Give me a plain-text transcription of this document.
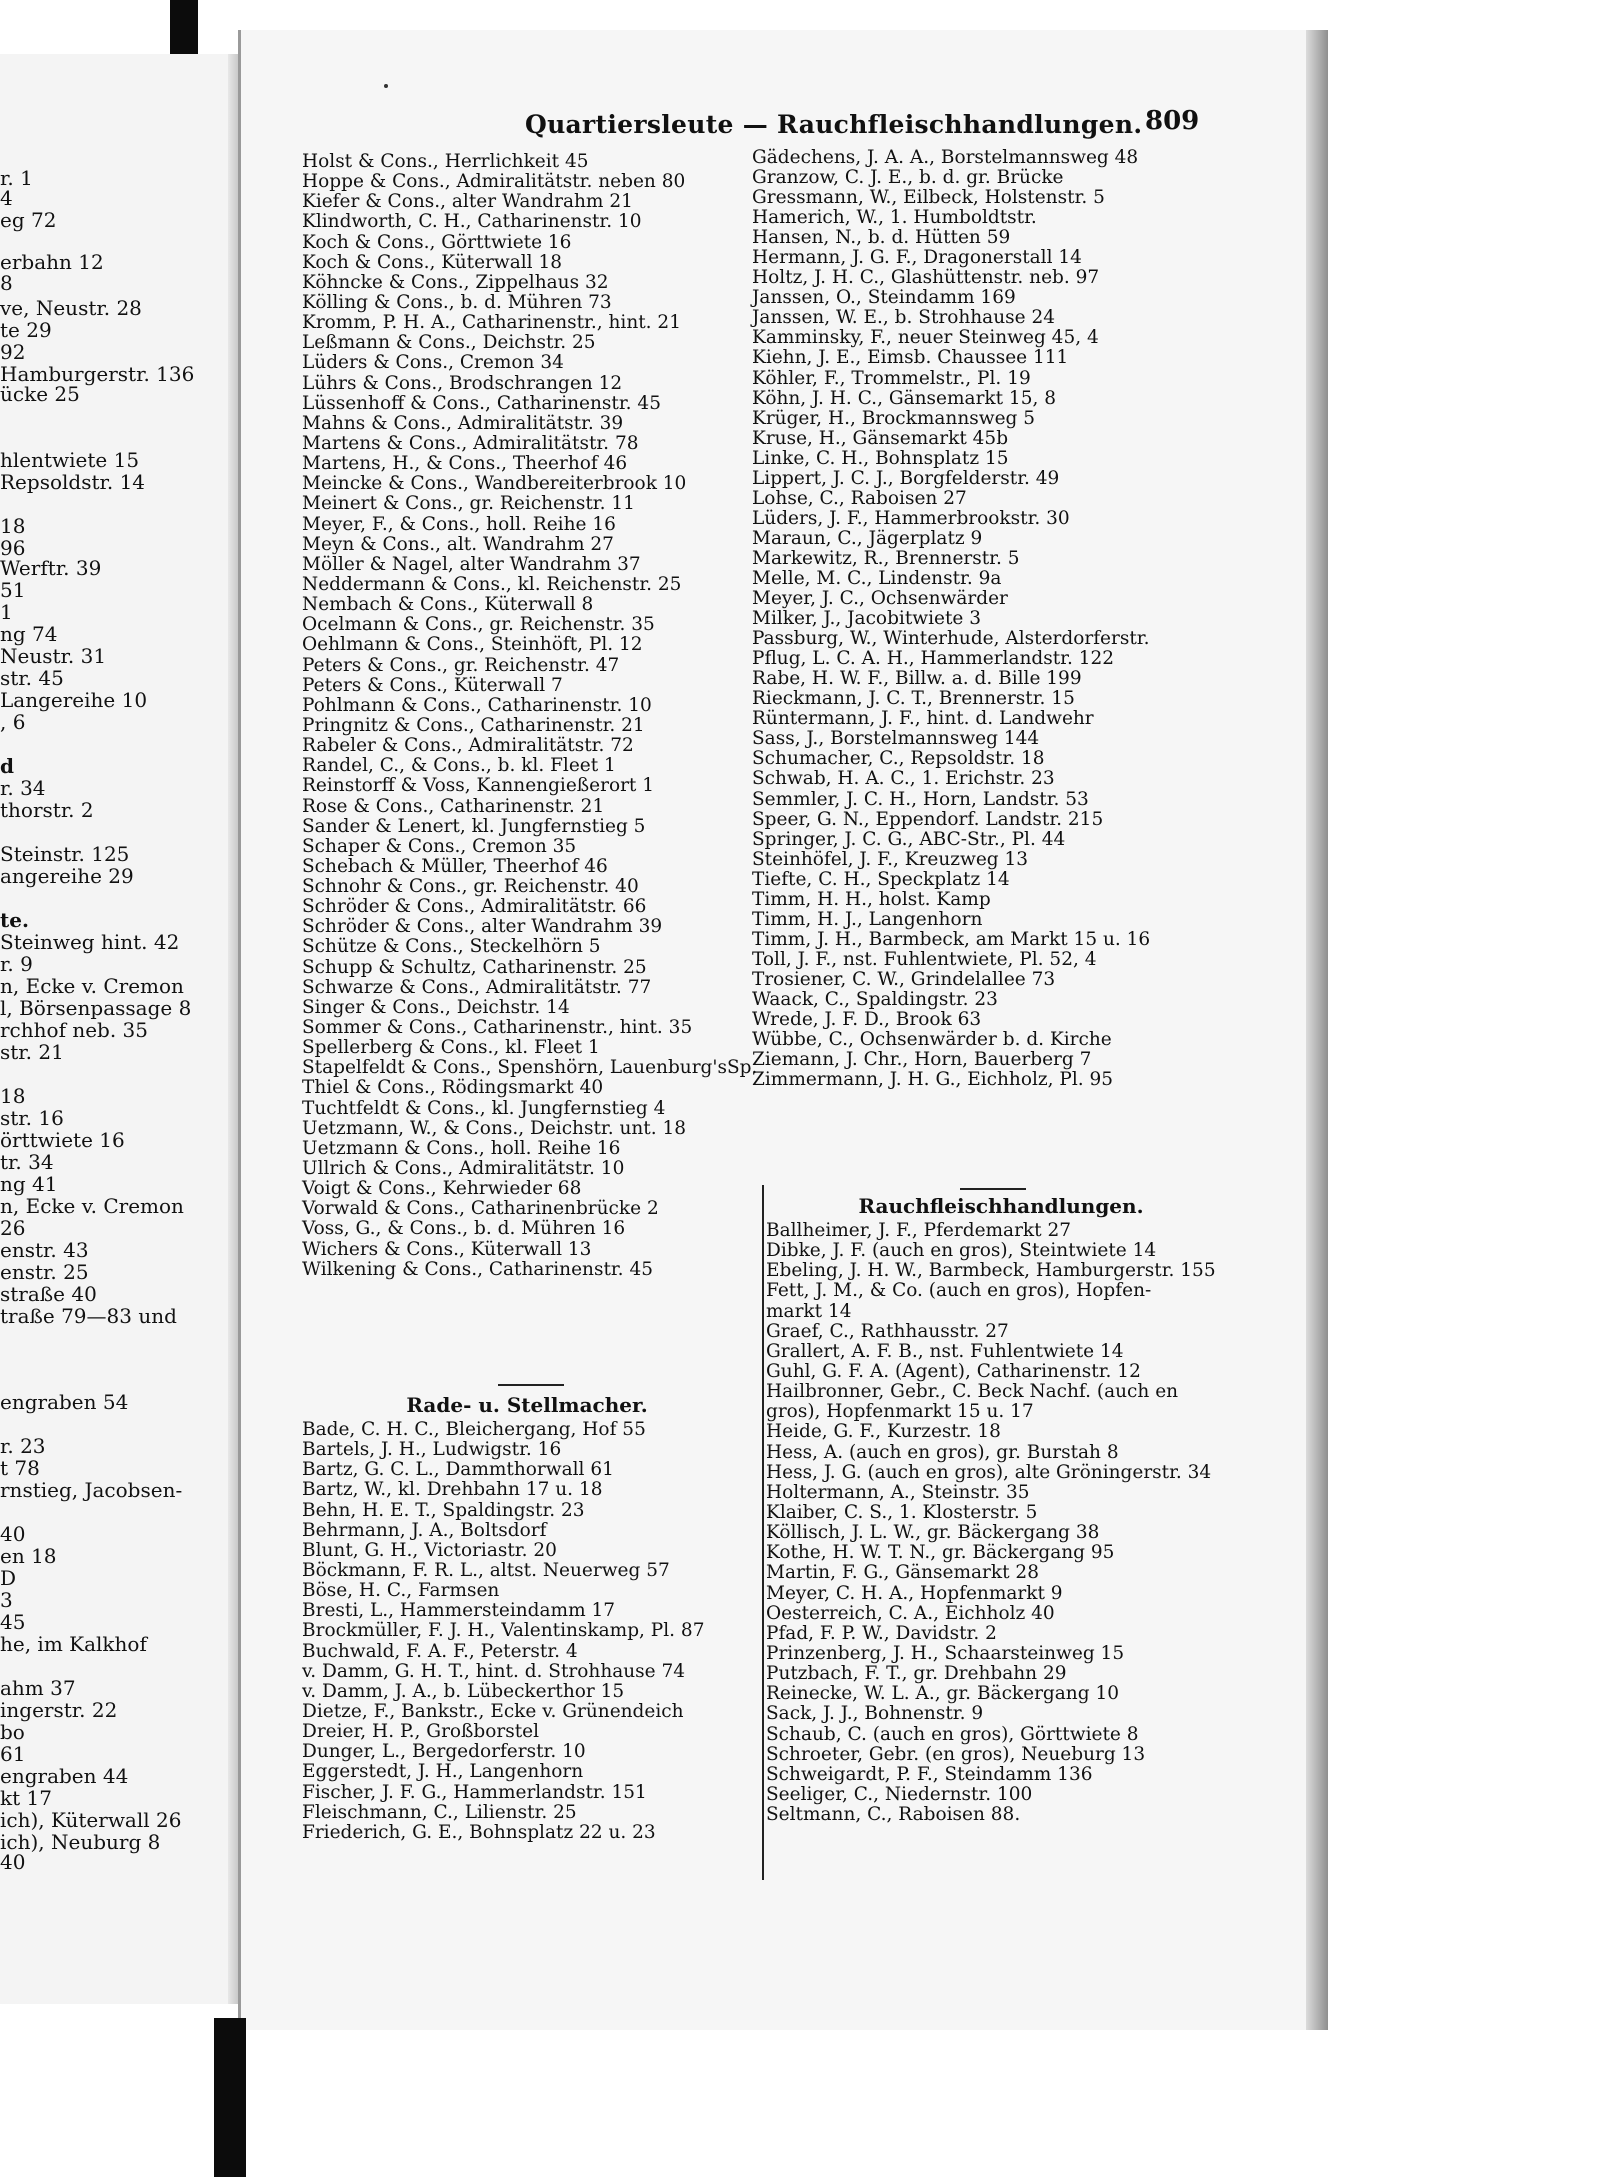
r. 1
4
eg 72
erbahn 12
8
ve, Neustr. 28
te 29
92
Hamburgerstr. 136
ücke 25
hlentwiete 15
Repsoldstr. 14
18
96
Werftr. 39
51
1
ng 74
Neustr. 31
str. 45
Langereihe 10
, 6
d
r. 34
thorstr. 2
Steinstr. 125
angereihe 29
te.
Steinweg hint. 42
r. 9
n, Ecke v. Cremon
l, Börsenpassage 8
rchhof neb. 35
str. 21
18
str. 16
örttwiete 16
tr. 34
ng 41
n, Ecke v. Cremon
26
enstr. 43
enstr. 25
straße 40
traße 79—83 und
engraben 54
r. 23
t 78
rnstieg, Jacobsen-
40
en 18
D
3
45
he, im Kalkhof
ahm 37
ingerstr. 22
bo
61
engraben 44
kt 17
ich), Küterwall 26
ich), Neuburg 8
40
Quartiersleute — Rauchfleischhandlungen. 809
Holst & Cons., Herrlichkeit 45
Hoppe & Cons., Admiralitätstr. neben 80
Kiefer & Cons., alter Wandrahm 21
Klindworth, C. H., Catharinenstr. 10
Koch & Cons., Görttwiete 16
Koch & Cons., Küterwall 18
Köhncke & Cons., Zippelhaus 32
Kölling & Cons., b. d. Mühren 73
Kromm, P. H. A., Catharinenstr., hint. 21
Leßmann & Cons., Deichstr. 25
Lüders & Cons., Cremon 34
Lührs & Cons., Brodschrangen 12
Lüssenhoff & Cons., Catharinenstr. 45
Mahns & Cons., Admiralitätstr. 39
Martens & Cons., Admiralitätstr. 78
Martens, H., & Cons., Theerhof 46
Meincke & Cons., Wandbereiterbrook 10
Meinert & Cons., gr. Reichenstr. 11
Meyer, F., & Cons., holl. Reihe 16
Meyn & Cons., alt. Wandrahm 27
Möller & Nagel, alter Wandrahm 37
Neddermann & Cons., kl. Reichenstr. 25
Nembach & Cons., Küterwall 8
Ocelmann & Cons., gr. Reichenstr. 35
Oehlmann & Cons., Steinhöft, Pl. 12
Peters & Cons., gr. Reichenstr. 47
Peters & Cons., Küterwall 7
Pohlmann & Cons., Catharinenstr. 10
Pringnitz & Cons., Catharinenstr. 21
Rabeler & Cons., Admiralitätstr. 72
Randel, C., & Cons., b. kl. Fleet 1
Reinstorff & Voss, Kannengießerort 1
Rose & Cons., Catharinenstr. 21
Sander & Lenert, kl. Jungfernstieg 5
Schaper & Cons., Cremon 35
Schebach & Müller, Theerhof 46
Schnohr & Cons., gr. Reichenstr. 40
Schröder & Cons., Admiralitätstr. 66
Schröder & Cons., alter Wandrahm 39
Schütze & Cons., Steckelhörn 5
Schupp & Schultz, Catharinenstr. 25
Schwarze & Cons., Admiralitätstr. 77
Singer & Cons., Deichstr. 14
Sommer & Cons., Catharinenstr., hint. 35
Spellerberg & Cons., kl. Fleet 1
Stapelfeldt & Cons., Spenshörn, Lauenburg'sSp.
Thiel & Cons., Rödingsmarkt 40
Tuchtfeldt & Cons., kl. Jungfernstieg 4
Uetzmann, W., & Cons., Deichstr. unt. 18
Uetzmann & Cons., holl. Reihe 16
Ullrich & Cons., Admiralitätstr. 10
Voigt & Cons., Kehrwieder 68
Vorwald & Cons., Catharinenbrücke 2
Voss, G., & Cons., b. d. Mühren 16
Wichers & Cons., Küterwall 13
Wilkening & Cons., Catharinenstr. 45
Rade- u. Stellmacher.
Bade, C. H. C., Bleichergang, Hof 55
Bartels, J. H., Ludwigstr. 16
Bartz, G. C. L., Dammthorwall 61
Bartz, W., kl. Drehbahn 17 u. 18
Behn, H. E. T., Spaldingstr. 23
Behrmann, J. A., Boltsdorf
Blunt, G. H., Victoriastr. 20
Böckmann, F. R. L., altst. Neuerweg 57
Böse, H. C., Farmsen
Bresti, L., Hammersteindamm 17
Brockmüller, F. J. H., Valentinskamp, Pl. 87
Buchwald, F. A. F., Peterstr. 4
v. Damm, G. H. T., hint. d. Strohhause 74
v. Damm, J. A., b. Lübeckerthor 15
Dietze, F., Bankstr., Ecke v. Grünendeich
Dreier, H. P., Großborstel
Dunger, L., Bergedorferstr. 10
Eggerstedt, J. H., Langenhorn
Fischer, J. F. G., Hammerlandstr. 151
Fleischmann, C., Lilienstr. 25
Friederich, G. E., Bohnsplatz 22 u. 23
Gädechens, J. A. A., Borstelmannsweg 48
Granzow, C. J. E., b. d. gr. Brücke
Gressmann, W., Eilbeck, Holstenstr. 5
Hamerich, W., 1. Humboldtstr.
Hansen, N., b. d. Hütten 59
Hermann, J. G. F., Dragonerstall 14
Holtz, J. H. C., Glashüttenstr. neb. 97
Janssen, O., Steindamm 169
Janssen, W. E., b. Strohhause 24
Kamminsky, F., neuer Steinweg 45, 4
Kiehn, J. E., Eimsb. Chaussee 111
Köhler, F., Trommelstr., Pl. 19
Köhn, J. H. C., Gänsemarkt 15, 8
Krüger, H., Brockmannsweg 5
Kruse, H., Gänsemarkt 45b
Linke, C. H., Bohnsplatz 15
Lippert, J. C. J., Borgfelderstr. 49
Lohse, C., Raboisen 27
Lüders, J. F., Hammerbrookstr. 30
Maraun, C., Jägerplatz 9
Markewitz, R., Brennerstr. 5
Melle, M. C., Lindenstr. 9a
Meyer, J. C., Ochsenwärder
Milker, J., Jacobitwiete 3
Passburg, W., Winterhude, Alsterdorferstr.
Pflug, L. C. A. H., Hammerlandstr. 122
Rabe, H. W. F., Billw. a. d. Bille 199
Rieckmann, J. C. T., Brennerstr. 15
Rüntermann, J. F., hint. d. Landwehr
Sass, J., Borstelmannsweg 144
Schumacher, C., Repsoldstr. 18
Schwab, H. A. C., 1. Erichstr. 23
Semmler, J. C. H., Horn, Landstr. 53
Speer, G. N., Eppendorf. Landstr. 215
Springer, J. C. G., ABC-Str., Pl. 44
Steinhöfel, J. F., Kreuzweg 13
Tiefte, C. H., Speckplatz 14
Timm, H. H., holst. Kamp
Timm, H. J., Langenhorn
Timm, J. H., Barmbeck, am Markt 15 u. 16
Toll, J. F., nst. Fuhlentwiete, Pl. 52, 4
Trosiener, C. W., Grindelallee 73
Waack, C., Spaldingstr. 23
Wrede, J. F. D., Brook 63
Wübbe, C., Ochsenwärder b. d. Kirche
Ziemann, J. Chr., Horn, Bauerberg 7
Zimmermann, J. H. G., Eichholz, Pl. 95
Rauchfleischhandlungen.
Ballheimer, J. F., Pferdemarkt 27
Dibke, J. F. (auch en gros), Steintwiete 14
Ebeling, J. H. W., Barmbeck, Hamburgerstr. 155
Fett, J. M., & Co. (auch en gros), Hopfen-
markt 14
Graef, C., Rathhausstr. 27
Grallert, A. F. B., nst. Fuhlentwiete 14
Guhl, G. F. A. (Agent), Catharinenstr. 12
Hailbronner, Gebr., C. Beck Nachf. (auch en
gros), Hopfenmarkt 15 u. 17
Heide, G. F., Kurzestr. 18
Hess, A. (auch en gros), gr. Burstah 8
Hess, J. G. (auch en gros), alte Gröningerstr. 34
Holtermann, A., Steinstr. 35
Klaiber, C. S., 1. Klosterstr. 5
Köllisch, J. L. W., gr. Bäckergang 38
Kothe, H. W. T. N., gr. Bäckergang 95
Martin, F. G., Gänsemarkt 28
Meyer, C. H. A., Hopfenmarkt 9
Oesterreich, C. A., Eichholz 40
Pfad, F. P. W., Davidstr. 2
Prinzenberg, J. H., Schaarsteinweg 15
Putzbach, F. T., gr. Drehbahn 29
Reinecke, W. L. A., gr. Bäckergang 10
Sack, J. J., Bohnenstr. 9
Schaub, C. (auch en gros), Görttwiete 8
Schroeter, Gebr. (en gros), Neueburg 13
Schweigardt, P. F., Steindamm 136
Seeliger, C., Niedernstr. 100
Seltmann, C., Raboisen 88.
